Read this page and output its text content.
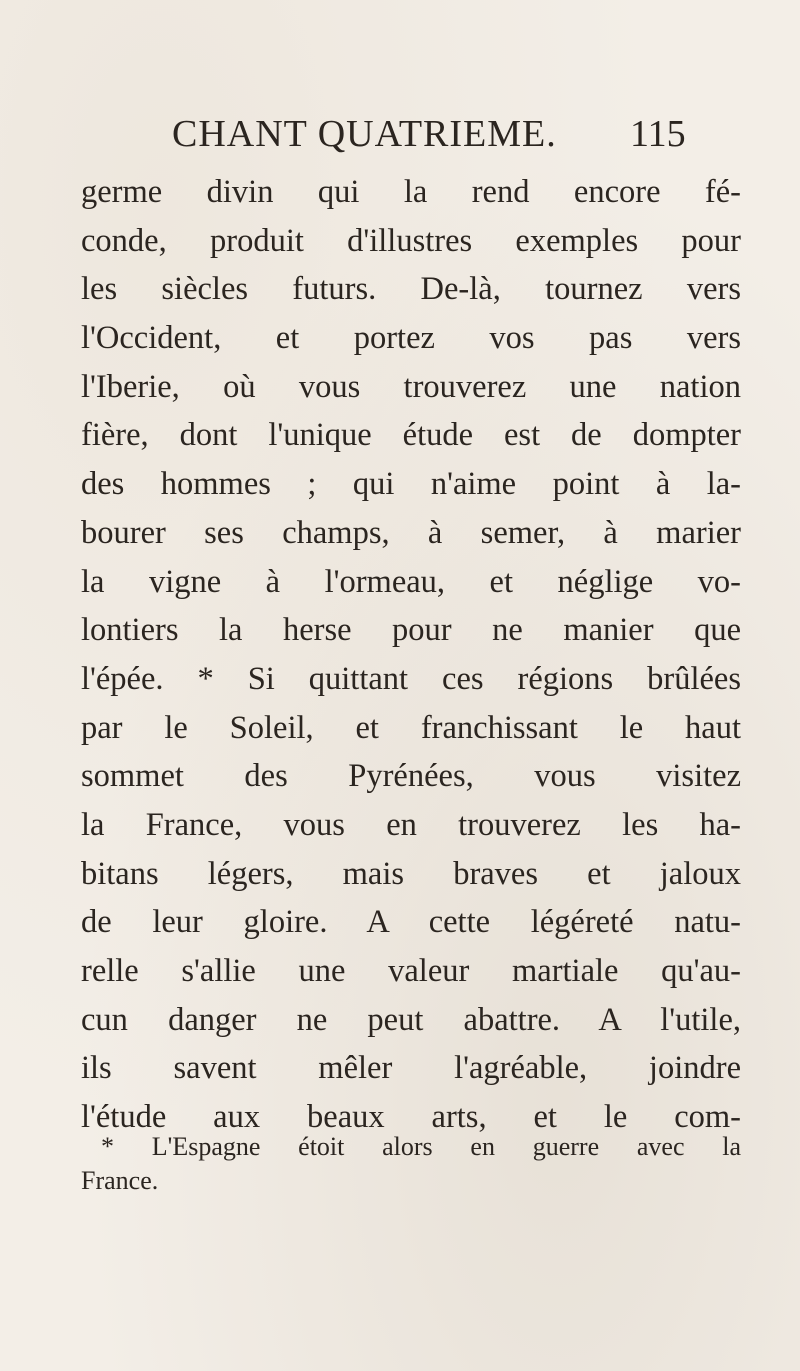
CHANT QUATRIEME. 115
germe divin qui la rend encore fé-
conde, produit d'illustres exemples pour
les siècles futurs. De-là, tournez vers
l'Occident, et portez vos pas vers
l'Iberie, où vous trouverez une nation
fière, dont l'unique étude est de dompter
des hommes ; qui n'aime point à la-
bourer ses champs, à semer, à marier
la vigne à l'ormeau, et néglige vo-
lontiers la herse pour ne manier que
l'épée. * Si quittant ces régions brûlées
par le Soleil, et franchissant le haut
sommet des Pyrénées, vous visitez
la France, vous en trouverez les ha-
bitans légers, mais braves et jaloux
de leur gloire. A cette légéreté natu-
relle s'allie une valeur martiale qu'au-
cun danger ne peut abattre. A l'utile,
ils savent mêler l'agréable, joindre
l'étude aux beaux arts, et le com-
* L'Espagne étoit alors en guerre avec la
France.
